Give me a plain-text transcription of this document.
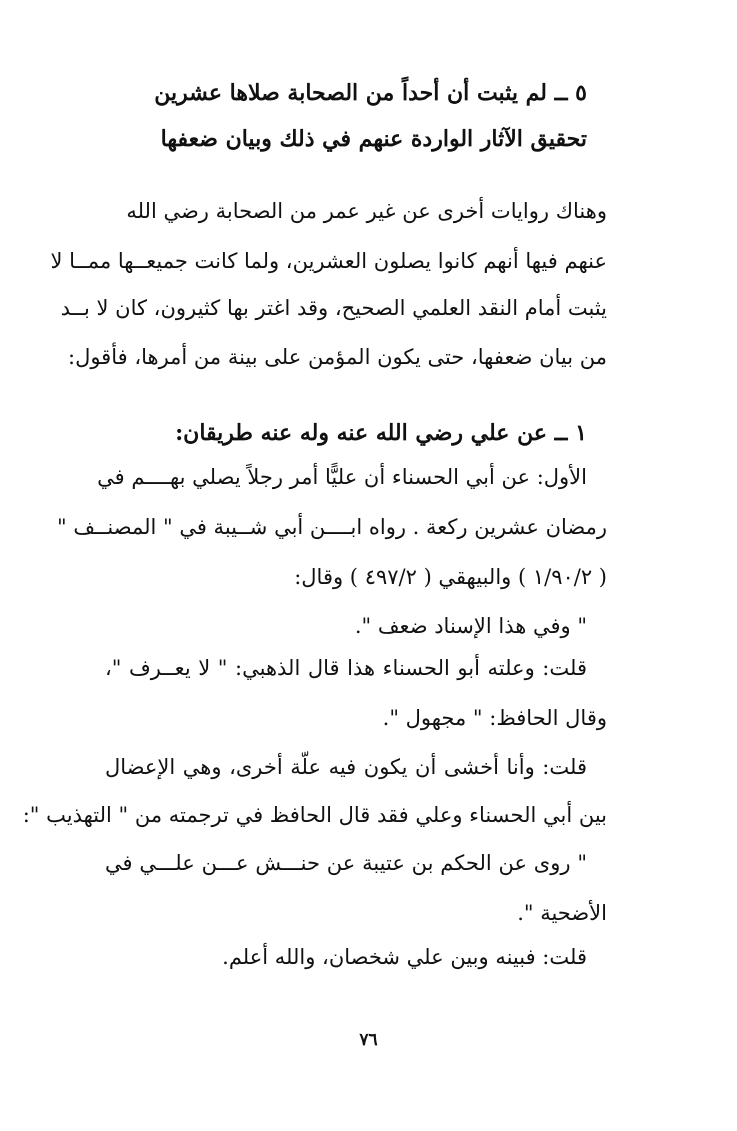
٥ ــ لم يثبت أن أحداً من الصحابة صلاها عشرين
تحقيق الآثار الواردة عنهم في ذلك وبيان ضعفها
وهناك روايات أخرى عن غير عمر من الصحابة رضي الله
عنهم فيها أنهم كانوا يصلون العشرين، ولما كانت جميعــها ممــا لا
يثبت أمام النقد العلمي الصحيح، وقد اغتر بها كثيرون، كان لا بــد
من بيان ضعفها، حتى يكون المؤمن على بينة من أمرها، فأقول:
١ ــ عن علي رضي الله عنه وله عنه طريقان:
الأول: عن أبي الحسناء أن عليًّا أمر رجلاً يصلي بهــــم في
رمضان عشرين ركعة . رواه ابــــن أبي شــيبة في " المصنــف "
( ١/٩٠/٢ ) والبيهقي ( ٤٩٧/٢ ) وقال:
" وفي هذا الإسناد ضعف ".
قلت: وعلته أبو الحسناء هذا قال الذهبي: " لا يعــرف "،
وقال الحافظ: " مجهول ".
قلت: وأنا أخشى أن يكون فيه علّة أخرى، وهي الإعضال
بين أبي الحسناء وعلي فقد قال الحافظ في ترجمته من " التهذيب ":
" روى عن الحكم بن عتيبة عن حنـــش عـــن علـــي في
الأضحية ".
قلت: فبينه وبين علي شخصان، والله أعلم.
٧٦
